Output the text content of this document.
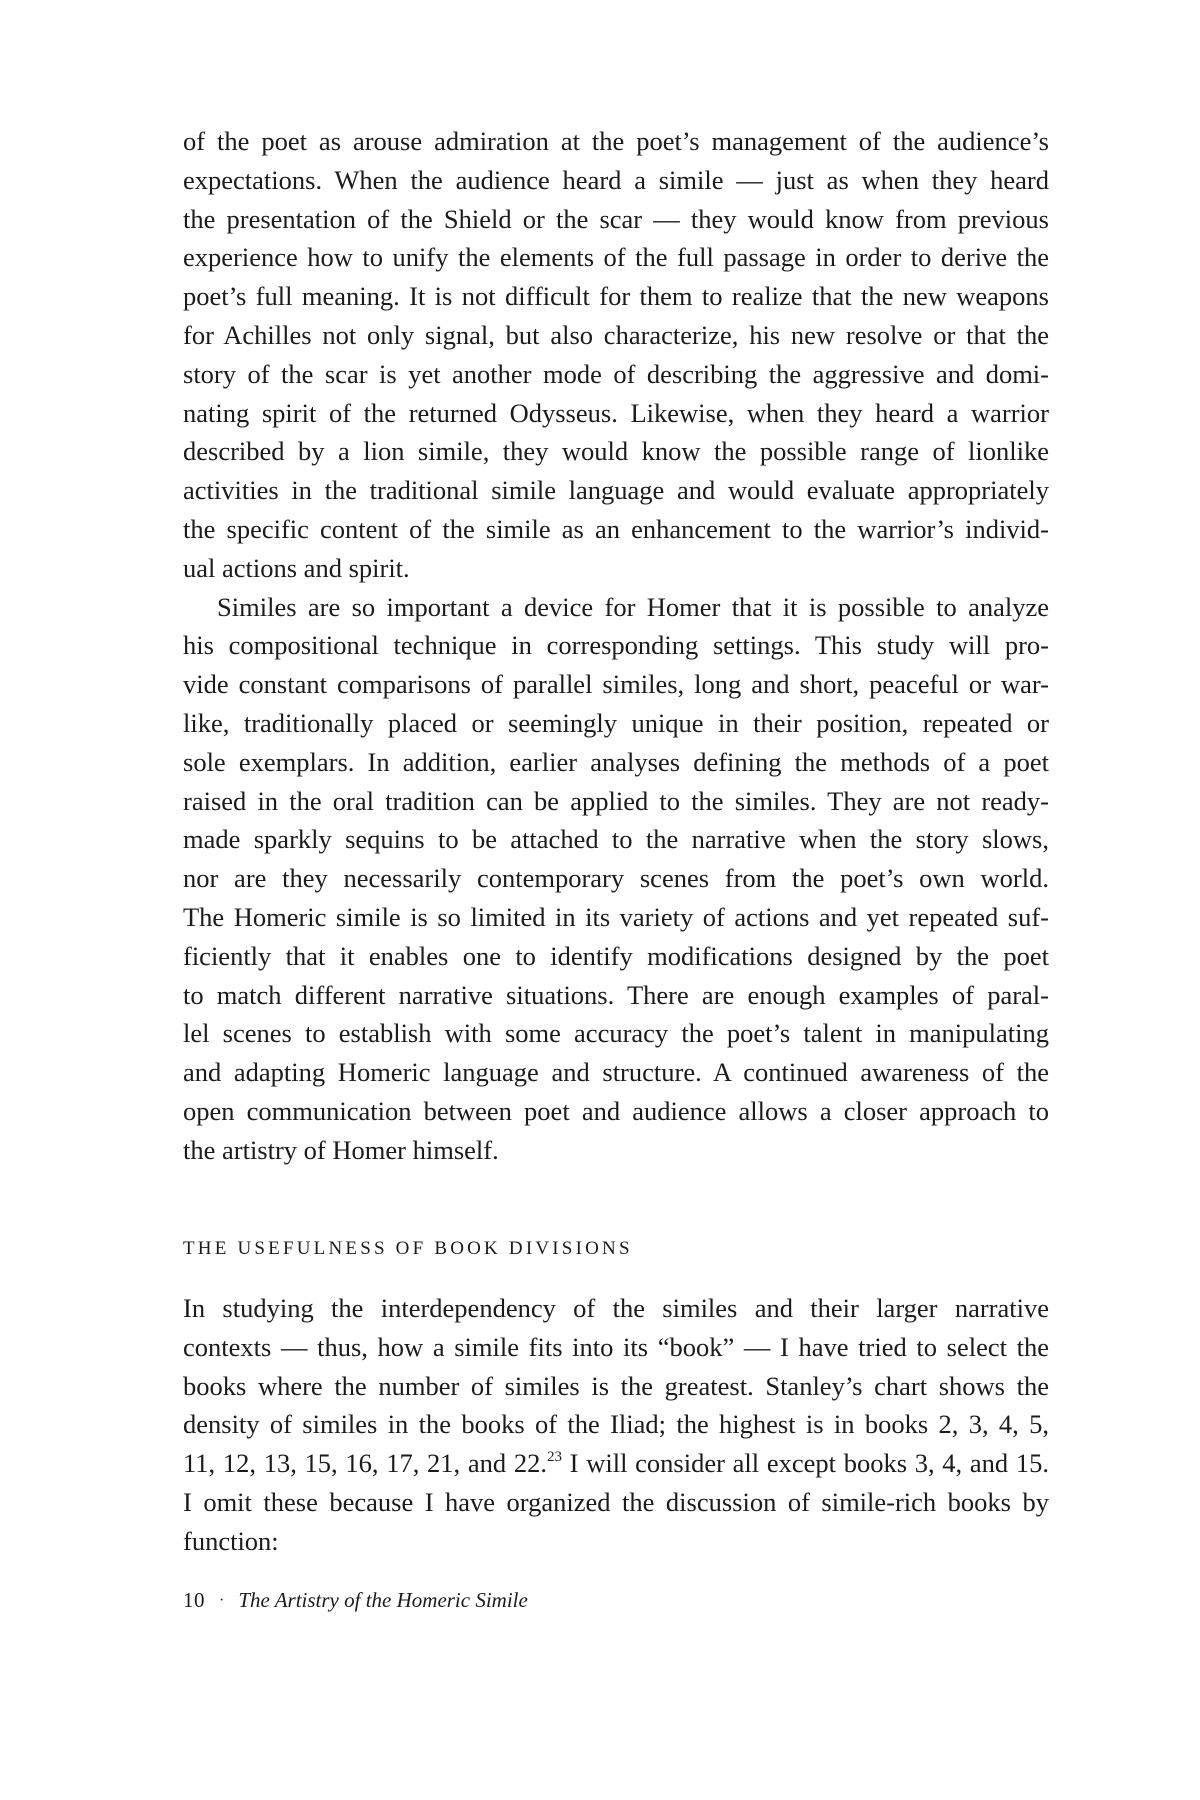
of the poet as arouse admiration at the poet’s management of the audience’s
expectations. When the audience heard a simile — just as when they heard
the presentation of the Shield or the scar — they would know from previous
experience how to unify the elements of the full passage in order to derive the
poet’s full meaning. It is not difficult for them to realize that the new weapons
for Achilles not only signal, but also characterize, his new resolve or that the
story of the scar is yet another mode of describing the aggressive and domi-
nating spirit of the returned Odysseus. Likewise, when they heard a warrior
described by a lion simile, they would know the possible range of lionlike
activities in the traditional simile language and would evaluate appropriately
the specific content of the simile as an enhancement to the warrior’s individ-
ual actions and spirit.
Similes are so important a device for Homer that it is possible to analyze
his compositional technique in corresponding settings. This study will pro-
vide constant comparisons of parallel similes, long and short, peaceful or war-
like, traditionally placed or seemingly unique in their position, repeated or
sole exemplars. In addition, earlier analyses defining the methods of a poet
raised in the oral tradition can be applied to the similes. They are not ready-
made sparkly sequins to be attached to the narrative when the story slows,
nor are they necessarily contemporary scenes from the poet’s own world.
The Homeric simile is so limited in its variety of actions and yet repeated suf-
ficiently that it enables one to identify modifications designed by the poet
to match different narrative situations. There are enough examples of paral-
lel scenes to establish with some accuracy the poet’s talent in manipulating
and adapting Homeric language and structure. A continued awareness of the
open communication between poet and audience allows a closer approach to
the artistry of Homer himself.
THE USEFULNESS OF BOOK DIVISIONS
In studying the interdependency of the similes and their larger narrative
contexts — thus, how a simile fits into its “book” — I have tried to select the
books where the number of similes is the greatest. Stanley’s chart shows the
density of similes in the books of the Iliad; the highest is in books 2, 3, 4, 5,
11, 12, 13, 15, 16, 17, 21, and 22.23 I will consider all except books 3, 4, and 15.
I omit these because I have organized the discussion of simile-rich books by
function:
10 · The Artistry of the Homeric Simile
